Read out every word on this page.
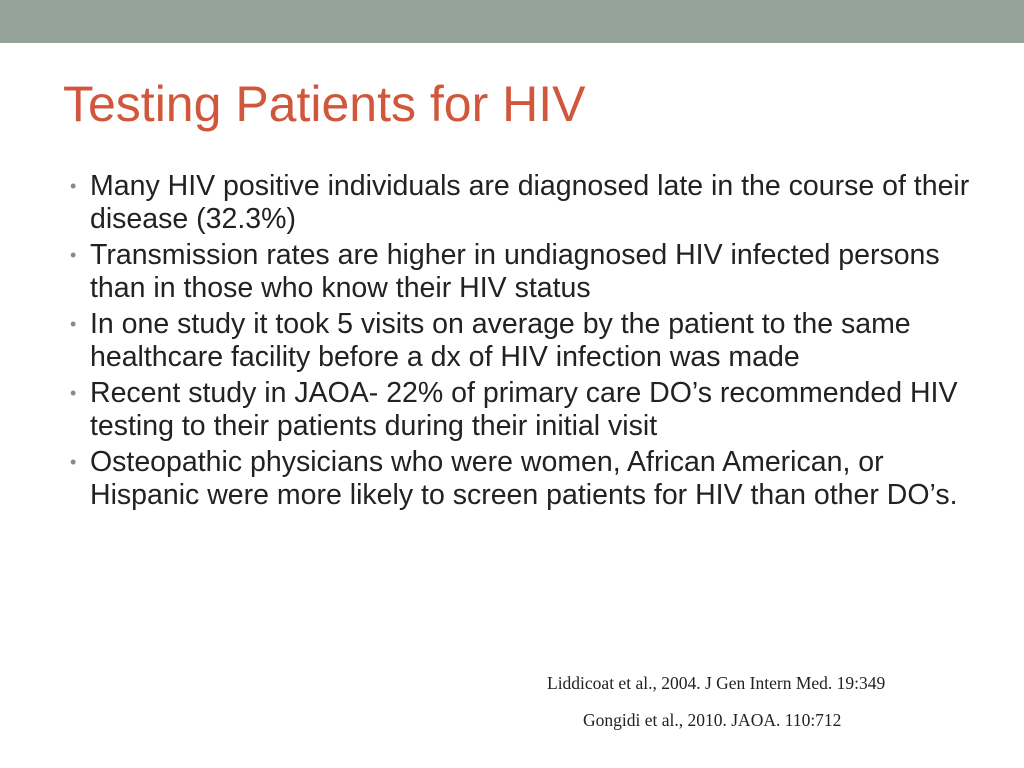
Testing Patients for HIV
• Many HIV positive individuals are diagnosed late in the course of their disease (32.3%)
• Transmission rates are higher in undiagnosed HIV infected persons than in those who know their HIV status
• In one study it took 5 visits on average by the patient to the same healthcare facility before a dx of HIV infection was made
• Recent study in JAOA- 22% of primary care DO’s recommended HIV testing to their patients during their initial visit
• Osteopathic physicians who were women, African American, or Hispanic were more likely to screen patients for HIV than other DO’s.

Liddicoat et al., 2004. J Gen Intern Med. 19:349

Gongidi et al., 2010. JAOA. 110:712
